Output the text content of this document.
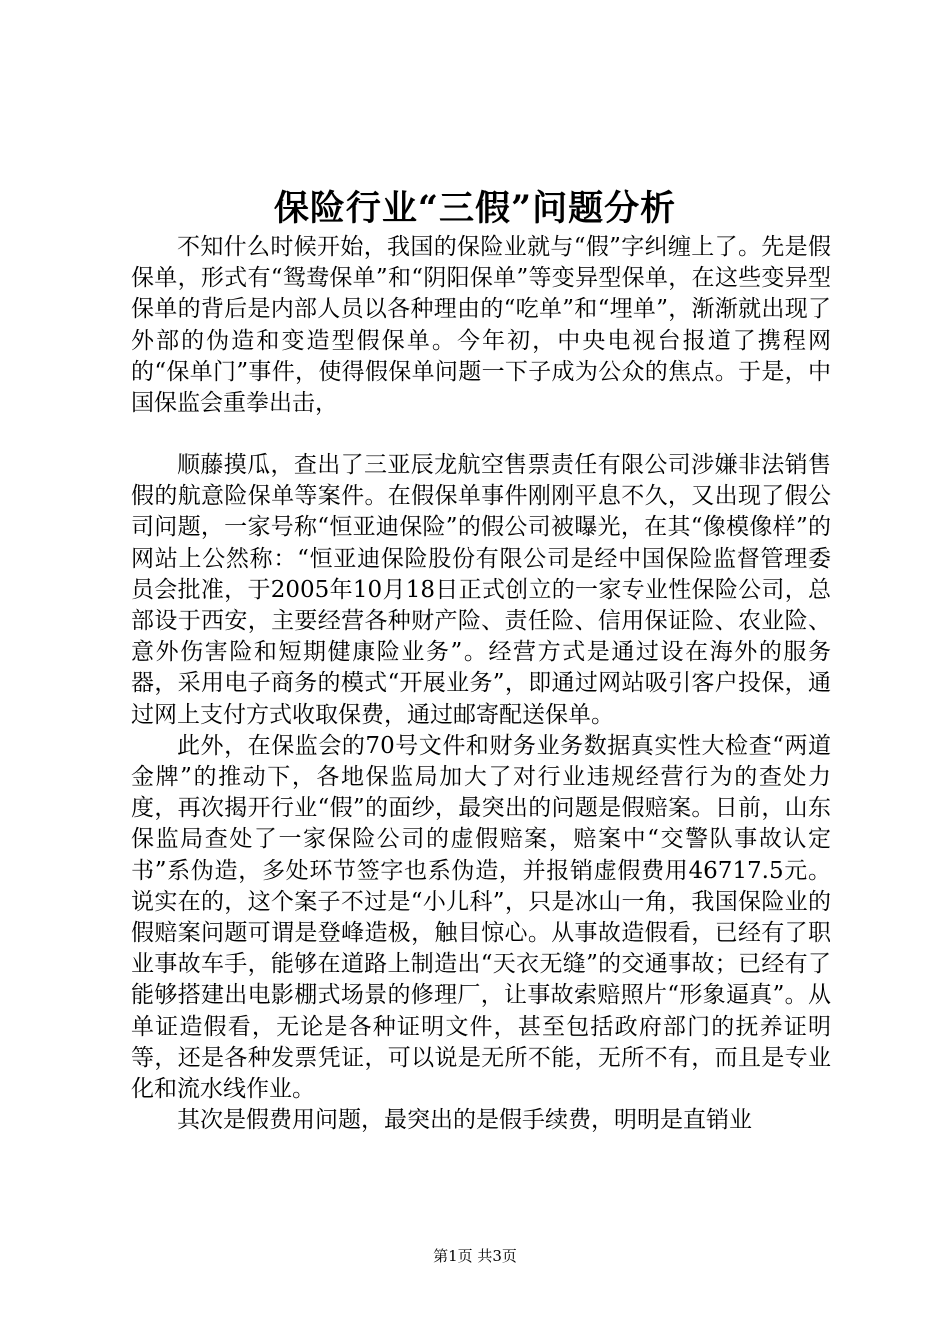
保险行业“三假”问题分析

不知什么时候开始，我国的保险业就与“假”字纠缠上了。先是假保单，形式有“鸳鸯保单”和“阴阳保单”等变异型保单，在这些变异型保单的背后是内部人员以各种理由的“吃单”和“埋单”，渐渐就出现了外部的伪造和变造型假保单。今年初，中央电视台报道了携程网的“保单门”事件，使得假保单问题一下子成为公众的焦点。于是，中国保监会重拳出击，

顺藤摸瓜，查出了三亚辰龙航空售票责任有限公司涉嫌非法销售假的航意险保单等案件。在假保单事件刚刚平息不久，又出现了假公司问题，一家号称“恒亚迪保险”的假公司被曝光，在其“像模像样”的网站上公然称：“恒亚迪保险股份有限公司是经中国保险监督管理委员会批准，于2005年10月18日正式创立的一家专业性保险公司，总部设于西安，主要经营各种财产险、责任险、信用保证险、农业险、意外伤害险和短期健康险业务”。经营方式是通过设在海外的服务器，采用电子商务的模式“开展业务”，即通过网站吸引客户投保，通过网上支付方式收取保费，通过邮寄配送保单。

此外，在保监会的70号文件和财务业务数据真实性大检查“两道金牌”的推动下，各地保监局加大了对行业违规经营行为的查处力度，再次揭开行业“假”的面纱，最突出的问题是假赔案。日前，山东保监局查处了一家保险公司的虚假赔案，赔案中“交警队事故认定书”系伪造，多处环节签字也系伪造，并报销虚假费用46717.5元。说实在的，这个案子不过是“小儿科”，只是冰山一角，我国保险业的假赔案问题可谓是登峰造极，触目惊心。从事故造假看，已经有了职业事故车手，能够在道路上制造出“天衣无缝”的交通事故；已经有了能够搭建出电影棚式场景的修理厂，让事故索赔照片“形象逼真”。从单证造假看，无论是各种证明文件，甚至包括政府部门的抚养证明等，还是各种发票凭证，可以说是无所不能，无所不有，而且是专业化和流水线作业。

其次是假费用问题，最突出的是假手续费，明明是直销业

第1页 共3页
